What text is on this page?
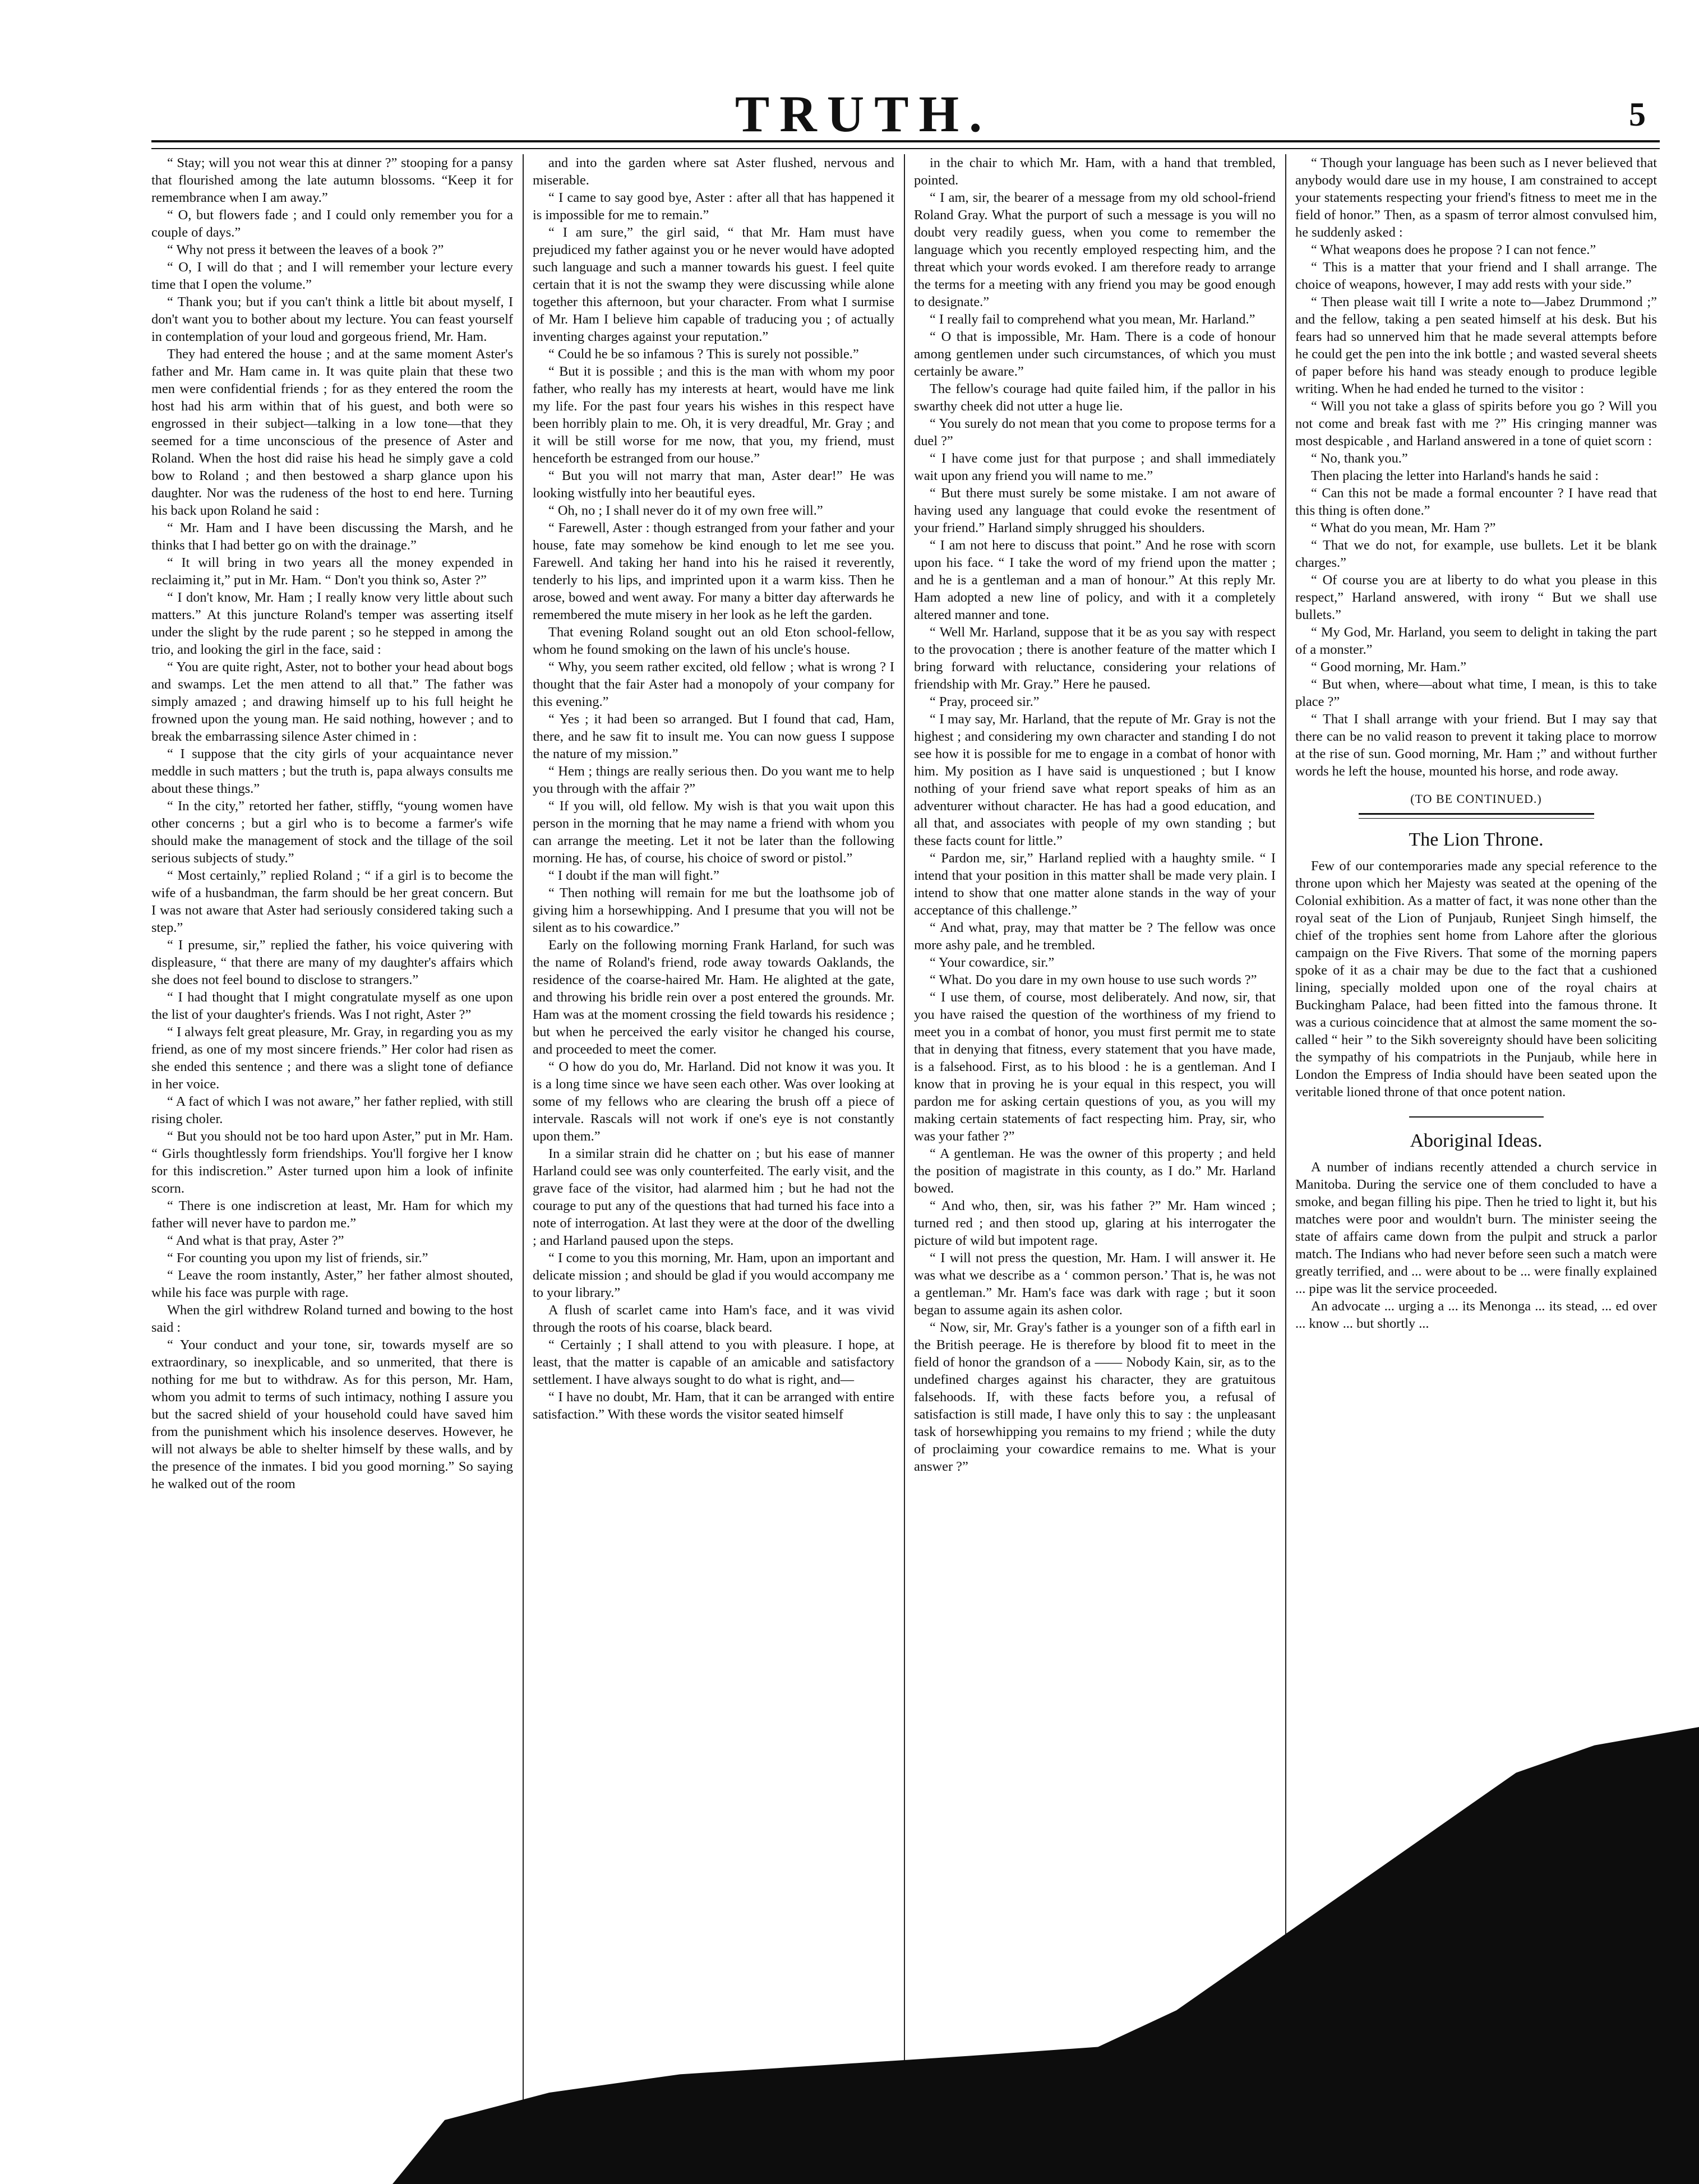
TRUTH.	5

“ Stay; will you not wear this at dinner ?” stooping for a pansy that flourished among the late autumn blossoms. “Keep it for remembrance when I am away.”

“ O, but flowers fade ; and I could only remember you for a couple of days.”

“ Why not press it between the leaves of a book ?”

“ O, I will do that ; and I will remember your lecture every time that I open the volume.”

“ Thank you; but if you can't think a little bit about myself, I don't want you to bother about my lecture. You can feast yourself in contemplation of your loud and gorgeous friend, Mr. Ham.

They had entered the house ; and at the same moment Aster's father and Mr. Ham came in. It was quite plain that these two men were confidential friends ; for as they entered the room the host had his arm within that of his guest, and both were so engrossed in their subject—talking in a low tone—that they seemed for a time unconscious of the presence of Aster and Roland. When the host did raise his head he simply gave a cold bow to Roland ; and then bestowed a sharp glance upon his daughter. Nor was the rudeness of the host to end here. Turning his back upon Roland he said :

“ Mr. Ham and I have been discussing the Marsh, and he thinks that I had better go on with the drainage.”

“ It will bring in two years all the money expended in reclaiming it,” put in Mr. Ham. “ Don't you think so, Aster ?”

“ I don't know, Mr. Ham ; I really know very little about such matters.” At this juncture Roland's temper was asserting itself under the slight by the rude parent ; so he stepped in among the trio, and looking the girl in the face, said :

“ You are quite right, Aster, not to bother your head about bogs and swamps. Let the men attend to all that.” The father was simply amazed ; and drawing himself up to his full height he frowned upon the young man. He said nothing, however ; and to break the embarrassing silence Aster chimed in :

“ I suppose that the city girls of your acquaintance never meddle in such matters ; but the truth is, papa always consults me about these things.”

“ In the city,” retorted her father, stiffly, “young women have other concerns ; but a girl who is to become a farmer's wife should make the management of stock and the tillage of the soil serious subjects of study.”

“ Most certainly,” replied Roland ; “ if a girl is to become the wife of a husbandman, the farm should be her great concern. But I was not aware that Aster had seriously considered taking such a step.”

“ I presume, sir,” replied the father, his voice quivering with displeasure, “ that there are many of my daughter's affairs which she does not feel bound to disclose to strangers.”

“ I had thought that I might congratulate myself as one upon the list of your daughter's friends. Was I not right, Aster ?”

“ I always felt great pleasure, Mr. Gray, in regarding you as my friend, as one of my most sincere friends.” Her color had risen as she ended this sentence ; and there was a slight tone of defiance in her voice.

“ A fact of which I was not aware,” her father replied, with still rising choler.

“ But you should not be too hard upon Aster,” put in Mr. Ham. “ Girls thoughtlessly form friendships. You'll forgive her I know for this indiscretion.” Aster turned upon him a look of infinite scorn.

“ There is one indiscretion at least, Mr. Ham for which my father will never have to pardon me.”

“ And what is that pray, Aster ?”

“ For counting you upon my list of friends, sir.”

“ Leave the room instantly, Aster,” her father almost shouted, while his face was purple with rage.

When the girl withdrew Roland turned and bowing to the host said :

“ Your conduct and your tone, sir, towards myself are so extraordinary, so inexplicable, and so unmerited, that there is nothing for me but to withdraw. As for this person, Mr. Ham, whom you admit to terms of such intimacy, nothing I assure you but the sacred shield of your household could have saved him from the punishment which his insolence deserves. However, he will not always be able to shelter himself by these walls, and by the presence of the inmates. I bid you good morning.” So saying he walked out of the room

and into the garden where sat Aster flushed, nervous and miserable.

“ I came to say good bye, Aster : after all that has happened it is impossible for me to remain.”

“ I am sure,” the girl said, “ that Mr. Ham must have prejudiced my father against you or he never would have adopted such language and such a manner towards his guest. I feel quite certain that it is not the swamp they were discussing while alone together this afternoon, but your character. From what I surmise of Mr. Ham I believe him capable of traducing you ; of actually inventing charges against your reputation.”

“ Could he be so infamous ? This is surely not possible.”

“ But it is possible ; and this is the man with whom my poor father, who really has my interests at heart, would have me link my life. For the past four years his wishes in this respect have been horribly plain to me. Oh, it is very dreadful, Mr. Gray ; and it will be still worse for me now, that you, my friend, must henceforth be estranged from our house.”

“ But you will not marry that man, Aster dear!” He was looking wistfully into her beautiful eyes.

“ Oh, no ; I shall never do it of my own free will.”

“ Farewell, Aster : though estranged from your father and your house, fate may somehow be kind enough to let me see you. Farewell. And taking her hand into his he raised it reverently, tenderly to his lips, and imprinted upon it a warm kiss. Then he arose, bowed and went away. For many a bitter day afterwards he remembered the mute misery in her look as he left the garden.

That evening Roland sought out an old Eton school-fellow, whom he found smoking on the lawn of his uncle's house.

“ Why, you seem rather excited, old fellow ; what is wrong ? I thought that the fair Aster had a monopoly of your company for this evening.”

“ Yes ; it had been so arranged. But I found that cad, Ham, there, and he saw fit to insult me. You can now guess I suppose the nature of my mission.”

“ Hem ; things are really serious then. Do you want me to help you through with the affair ?”

“ If you will, old fellow. My wish is that you wait upon this person in the morning that he may name a friend with whom you can arrange the meeting. Let it not be later than the following morning. He has, of course, his choice of sword or pistol.”

“ I doubt if the man will fight.”

“ Then nothing will remain for me but the loathsome job of giving him a horsewhipping. And I presume that you will not be silent as to his cowardice.”

Early on the following morning Frank Harland, for such was the name of Roland's friend, rode away towards Oaklands, the residence of the coarse-haired Mr. Ham. He alighted at the gate, and throwing his bridle rein over a post entered the grounds. Mr. Ham was at the moment crossing the field towards his residence ; but when he perceived the early visitor he changed his course, and proceeded to meet the comer.

“ O how do you do, Mr. Harland. Did not know it was you. It is a long time since we have seen each other. Was over looking at some of my fellows who are clearing the brush off a piece of intervale. Rascals will not work if one's eye is not constantly upon them.”

In a similar strain did he chatter on ; but his ease of manner Harland could see was only counterfeited. The early visit, and the grave face of the visitor, had alarmed him ; but he had not the courage to put any of the questions that had turned his face into a note of interrogation. At last they were at the door of the dwelling ; and Harland paused upon the steps.

“ I come to you this morning, Mr. Ham, upon an important and delicate mission ; and should be glad if you would accompany me to your library.”

A flush of scarlet came into Ham's face, and it was vivid through the roots of his coarse, black beard.

“ Certainly ; I shall attend to you with pleasure. I hope, at least, that the matter is capable of an amicable and satisfactory settlement. I have always sought to do what is right, and—

“ I have no doubt, Mr. Ham, that it can be arranged with entire satisfaction.” With these words the visitor seated himself

in the chair to which Mr. Ham, with a hand that trembled, pointed.

“ I am, sir, the bearer of a message from my old school-friend Roland Gray. What the purport of such a message is you will no doubt very readily guess, when you come to remember the language which you recently employed respecting him, and the threat which your words evoked. I am therefore ready to arrange the terms for a meeting with any friend you may be good enough to designate.”

“ I really fail to comprehend what you mean, Mr. Harland.”

“ O that is impossible, Mr. Ham. There is a code of honour among gentlemen under such circumstances, of which you must certainly be aware.”

The fellow's courage had quite failed him, if the pallor in his swarthy cheek did not utter a huge lie.

“ You surely do not mean that you come to propose terms for a duel ?”

“ I have come just for that purpose ; and shall immediately wait upon any friend you will name to me.”

“ But there must surely be some mistake. I am not aware of having used any language that could evoke the resentment of your friend.” Harland simply shrugged his shoulders.

“ I am not here to discuss that point.” And he rose with scorn upon his face. “ I take the word of my friend upon the matter ; and he is a gentleman and a man of honour.” At this reply Mr. Ham adopted a new line of policy, and with it a completely altered manner and tone.

“ Well Mr. Harland, suppose that it be as you say with respect to the provocation ; there is another feature of the matter which I bring forward with reluctance, considering your relations of friendship with Mr. Gray.” Here he paused.

“ Pray, proceed sir.”

“ I may say, Mr. Harland, that the repute of Mr. Gray is not the highest ; and considering my own character and standing I do not see how it is possible for me to engage in a combat of honor with him. My position as I have said is unquestioned ; but I know nothing of your friend save what report speaks of him as an adventurer without character. He has had a good education, and all that, and associates with people of my own standing ; but these facts count for little.”

“ Pardon me, sir,” Harland replied with a haughty smile. “ I intend that your position in this matter shall be made very plain. I intend to show that one matter alone stands in the way of your acceptance of this challenge.”

“ And what, pray, may that matter be ? The fellow was once more ashy pale, and he trembled.

“ Your cowardice, sir.”

“ What. Do you dare in my own house to use such words ?”

“ I use them, of course, most deliberately. And now, sir, that you have raised the question of the worthiness of my friend to meet you in a combat of honor, you must first permit me to state that in denying that fitness, every statement that you have made, is a falsehood. First, as to his blood : he is a gentleman. And I know that in proving he is your equal in this respect, you will pardon me for asking certain questions of you, as you will my making certain statements of fact respecting him. Pray, sir, who was your father ?”

“ A gentleman. He was the owner of this property ; and held the position of magistrate in this county, as I do.” Mr. Harland bowed.

“ And who, then, sir, was his father ?” Mr. Ham winced ; turned red ; and then stood up, glaring at his interrogater the picture of wild but impotent rage.

“ I will not press the question, Mr. Ham. I will answer it. He was what we describe as a ‘ common person.’ That is, he was not a gentleman.” Mr. Ham's face was dark with rage ; but it soon began to assume again its ashen color.

“ Now, sir, Mr. Gray's father is a younger son of a fifth earl in the British peerage. He is therefore by blood fit to meet in the field of honor the grandson of a —— Nobody Kain, sir, as to the undefined charges against his character, they are gratuitous falsehoods. If, with these facts before you, a refusal of satisfaction is still made, I have only this to say : the unpleasant task of horsewhipping you remains to my friend ; while the duty of proclaiming your cowardice remains to me. What is your answer ?”

“ Though your language has been such as I never believed that anybody would dare use in my house, I am constrained to accept your statements respecting your friend's fitness to meet me in the field of honor.” Then, as a spasm of terror almost convulsed him, he suddenly asked :

“ What weapons does he propose ? I can not fence.”

“ This is a matter that your friend and I shall arrange. The choice of weapons, however, I may add rests with your side.”

“ Then please wait till I write a note to—Jabez Drummond ;” and the fellow, taking a pen seated himself at his desk. But his fears had so unnerved him that he made several attempts before he could get the pen into the ink bottle ; and wasted several sheets of paper before his hand was steady enough to produce legible writing. When he had ended he turned to the visitor :

“ Will you not take a glass of spirits before you go ? Will you not come and break fast with me ?” His cringing manner was most despicable , and Harland answered in a tone of quiet scorn :

“ No, thank you.”

Then placing the letter into Harland's hands he said :

“ Can this not be made a formal encounter ? I have read that this thing is often done.”

“ What do you mean, Mr. Ham ?”

“ That we do not, for example, use bullets. Let it be blank charges.”

“ Of course you are at liberty to do what you please in this respect,” Harland answered, with irony “ But we shall use bullets.”

“ My God, Mr. Harland, you seem to delight in taking the part of a monster.”

“ Good morning, Mr. Ham.”

“ But when, where—about what time, I mean, is this to take place ?”

“ That I shall arrange with your friend. But I may say that there can be no valid reason to prevent it taking place to morrow at the rise of sun. Good morning, Mr. Ham ;” and without further words he left the house, mounted his horse, and rode away.

(TO BE CONTINUED.)
The Lion Throne.

Few of our contemporaries made any special reference to the throne upon which her Majesty was seated at the opening of the Colonial exhibition. As a matter of fact, it was none other than the royal seat of the Lion of Punjaub, Runjeet Singh himself, the chief of the trophies sent home from Lahore after the glorious campaign on the Five Rivers. That some of the morning papers spoke of it as a chair may be due to the fact that a cushioned lining, specially molded upon one of the royal chairs at Buckingham Palace, had been fitted into the famous throne. It was a curious coincidence that at almost the same moment the so-called “ heir ” to the Sikh sovereignty should have been soliciting the sympathy of his compatriots in the Punjaub, while here in London the Empress of India should have been seated upon the veritable lioned throne of that once potent nation.

Aboriginal Ideas.

A number of indians recently attended a church service in Manitoba. During the service one of them concluded to have a smoke, and began filling his pipe. Then he tried to light it, but his matches were poor and wouldn't burn. The minister seeing the state of affairs came down from the pulpit and struck a parlor match. The Indians who had never before seen such a match were greatly terrified, and ... were about to be ... were finally explained ... pipe was lit the service proceeded.

An advocate ... urging a ... its Menonga ... its stead, ... ed over ... know ... but shortly ...
